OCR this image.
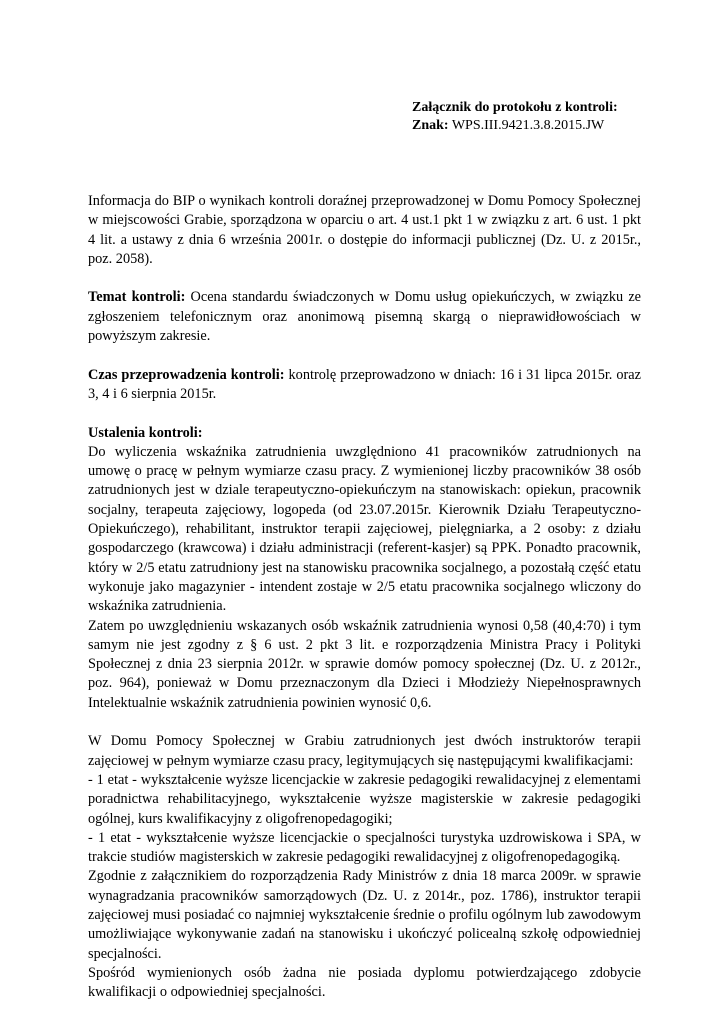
Załącznik do protokołu z kontroli:
Znak: WPS.III.9421.3.8.2015.JW

Informacja do BIP o wynikach kontroli doraźnej przeprowadzonej w Domu Pomocy Społecznej w miejscowości Grabie, sporządzona w oparciu o art. 4 ust.1 pkt 1 w związku z art. 6 ust. 1 pkt 4 lit. a ustawy z dnia 6 września 2001r. o dostępie do informacji publicznej (Dz. U. z 2015r., poz. 2058).

Temat kontroli: Ocena standardu świadczonych w Domu usług opiekuńczych, w związku ze zgłoszeniem telefonicznym oraz anonimową pisemną skargą o nieprawidłowościach w powyższym zakresie.

Czas przeprowadzenia kontroli: kontrolę przeprowadzono w dniach: 16 i 31 lipca 2015r. oraz 3, 4 i 6 sierpnia 2015r.

Ustalenia kontroli:

Do wyliczenia wskaźnika zatrudnienia uwzględniono 41 pracowników zatrudnionych na umowę o pracę w pełnym wymiarze czasu pracy. Z wymienionej liczby pracowników 38 osób zatrudnionych jest w dziale terapeutyczno-opiekuńczym na stanowiskach: opiekun, pracownik socjalny, terapeuta zajęciowy, logopeda (od 23.07.2015r. Kierownik Działu Terapeutyczno-Opiekuńczego), rehabilitant, instruktor terapii zajęciowej, pielęgniarka, a 2 osoby: z działu gospodarczego (krawcowa) i działu administracji (referent-kasjer) są PPK. Ponadto pracownik, który w 2/5 etatu zatrudniony jest na stanowisku pracownika socjalnego, a pozostałą część etatu wykonuje jako magazynier - intendent zostaje w 2/5 etatu pracownika socjalnego wliczony do wskaźnika zatrudnienia.

Zatem po uwzględnieniu wskazanych osób wskaźnik zatrudnienia wynosi 0,58 (40,4:70) i tym samym nie jest zgodny z § 6 ust. 2 pkt 3 lit. e rozporządzenia Ministra Pracy i Polityki Społecznej z dnia 23 sierpnia 2012r. w sprawie domów pomocy społecznej (Dz. U. z 2012r., poz. 964), ponieważ w Domu przeznaczonym dla Dzieci i Młodzieży Niepełnosprawnych Intelektualnie wskaźnik zatrudnienia powinien wynosić 0,6.

W Domu Pomocy Społecznej w Grabiu zatrudnionych jest dwóch instruktorów terapii zajęciowej w pełnym wymiarze czasu pracy, legitymujących się następującymi kwalifikacjami:

- 1 etat - wykształcenie wyższe licencjackie w zakresie pedagogiki rewalidacyjnej z elementami poradnictwa rehabilitacyjnego, wykształcenie wyższe magisterskie w zakresie pedagogiki ogólnej, kurs kwalifikacyjny z oligofrenopedagogiki;

- 1 etat - wykształcenie wyższe licencjackie o specjalności turystyka uzdrowiskowa i SPA, w trakcie studiów magisterskich w zakresie pedagogiki rewalidacyjnej z oligofrenopedagogiką.

Zgodnie z załącznikiem do rozporządzenia Rady Ministrów z dnia 18 marca 2009r. w sprawie wynagradzania pracowników samorządowych (Dz. U. z 2014r., poz. 1786), instruktor terapii zajęciowej musi posiadać co najmniej wykształcenie średnie o profilu ogólnym lub zawodowym umożliwiające wykonywanie zadań na stanowisku i ukończyć policealną szkołę odpowiedniej specjalności.

Spośród wymienionych osób żadna nie posiada dyplomu potwierdzającego zdobycie kwalifikacji o odpowiedniej specjalności.
